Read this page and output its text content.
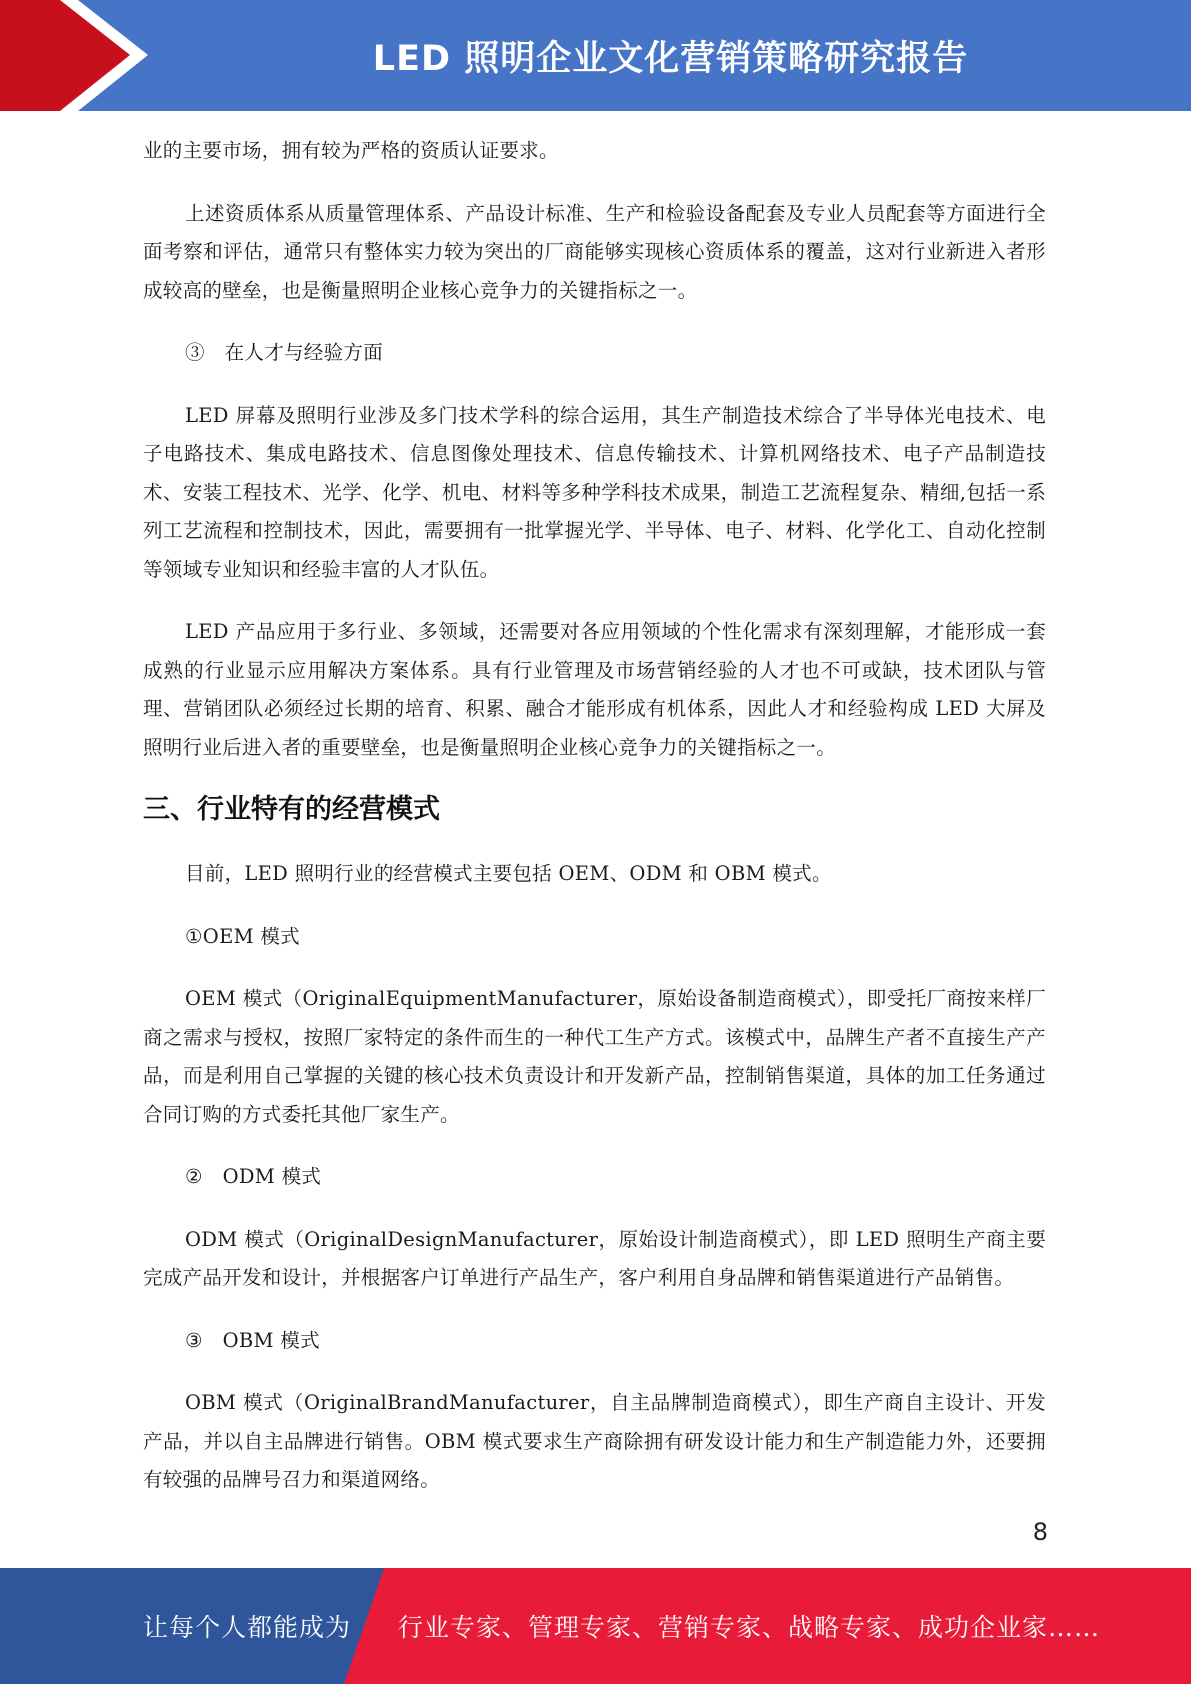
LED 照明企业文化营销策略研究报告

业的主要市场，拥有较为严格的资质认证要求。

上述资质体系从质量管理体系、产品设计标准、生产和检验设备配套及专业人员配套等方面进行全面考察和评估，通常只有整体实力较为突出的厂商能够实现核心资质体系的覆盖，这对行业新进入者形成较高的壁垒，也是衡量照明企业核心竞争力的关键指标之一。

③　在人才与经验方面

LED 屏幕及照明行业涉及多门技术学科的综合运用，其生产制造技术综合了半导体光电技术、电子电路技术、集成电路技术、信息图像处理技术、信息传输技术、计算机网络技术、电子产品制造技术、安装工程技术、光学、化学、机电、材料等多种学科技术成果，制造工艺流程复杂、精细,包括一系列工艺流程和控制技术，因此，需要拥有一批掌握光学、半导体、电子、材料、化学化工、自动化控制等领域专业知识和经验丰富的人才队伍。

LED 产品应用于多行业、多领域，还需要对各应用领域的个性化需求有深刻理解，才能形成一套成熟的行业显示应用解决方案体系。具有行业管理及市场营销经验的人才也不可或缺，技术团队与管理、营销团队必须经过长期的培育、积累、融合才能形成有机体系，因此人才和经验构成 LED 大屏及照明行业后进入者的重要壁垒，也是衡量照明企业核心竞争力的关键指标之一。

三、行业特有的经营模式

目前，LED 照明行业的经营模式主要包括 OEM、ODM 和 OBM 模式。

①OEM 模式

OEM 模式（OriginalEquipmentManufacturer，原始设备制造商模式），即受托厂商按来样厂商之需求与授权，按照厂家特定的条件而生的一种代工生产方式。该模式中，品牌生产者不直接生产产品，而是利用自己掌握的关键的核心技术负责设计和开发新产品，控制销售渠道，具体的加工任务通过合同订购的方式委托其他厂家生产。

②　ODM 模式

ODM 模式（OriginalDesignManufacturer，原始设计制造商模式），即 LED 照明生产商主要完成产品开发和设计，并根据客户订单进行产品生产，客户利用自身品牌和销售渠道进行产品销售。

③　OBM 模式

OBM 模式（OriginalBrandManufacturer，自主品牌制造商模式），即生产商自主设计、开发产品，并以自主品牌进行销售。OBM 模式要求生产商除拥有研发设计能力和生产制造能力外，还要拥有较强的品牌号召力和渠道网络。

8
让每个人都能成为 行业专家、管理专家、营销专家、战略专家、成功企业家……
